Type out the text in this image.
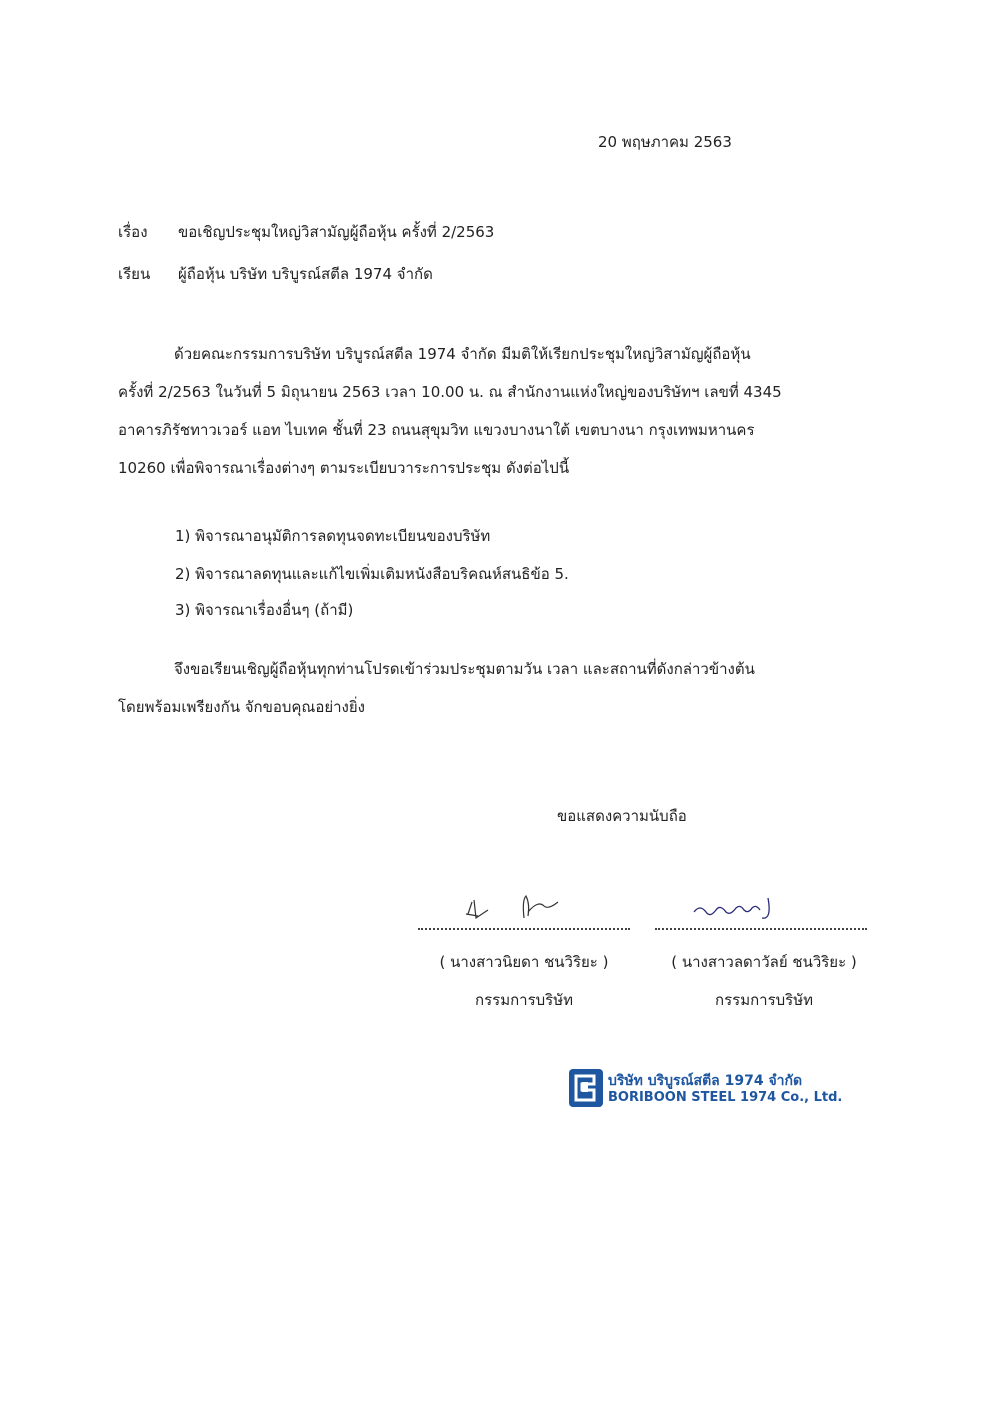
20 พฤษภาคม 2563
เรื่อง ขอเชิญประชุมใหญ่วิสามัญผู้ถือหุ้น ครั้งที่ 2/2563
เรียน ผู้ถือหุ้น บริษัท บริบูรณ์สตีล 1974 จำกัด

ด้วยคณะกรรมการบริษัท บริบูรณ์สตีล 1974 จำกัด มีมติให้เรียกประชุมใหญ่วิสามัญผู้ถือหุ้น

ครั้งที่ 2/2563 ในวันที่ 5 มิถุนายน 2563 เวลา 10.00 น. ณ สำนักงานแห่งใหญ่ของบริษัทฯ เลขที่ 4345

อาคารภิรัชทาวเวอร์ แอท ไบเทค ชั้นที่ 23 ถนนสุขุมวิท แขวงบางนาใต้ เขตบางนา กรุงเทพมหานคร

10260 เพื่อพิจารณาเรื่องต่างๆ ตามระเบียบวาระการประชุม ดังต่อไปนี้

1) พิจารณาอนุมัติการลดทุนจดทะเบียนของบริษัท
2) พิจารณาลดทุนและแก้ไขเพิ่มเติมหนังสือบริคณห์สนธิข้อ 5.
3) พิจารณาเรื่องอื่นๆ (ถ้ามี)

จึงขอเรียนเชิญผู้ถือหุ้นทุกท่านโปรดเข้าร่วมประชุมตามวัน เวลา และสถานที่ดังกล่าวข้างต้น

โดยพร้อมเพรียงกัน จักขอบคุณอย่างยิ่ง

ขอแสดงความนับถือ
( นางสาวนิยดา ชนวิริยะ )
กรรมการบริษัท
( นางสาวลดาวัลย์ ชนวิริยะ )
กรรมการบริษัท
บริษัท บริบูรณ์สตีล 1974 จำกัด
BORIBOON STEEL 1974 Co., Ltd.
